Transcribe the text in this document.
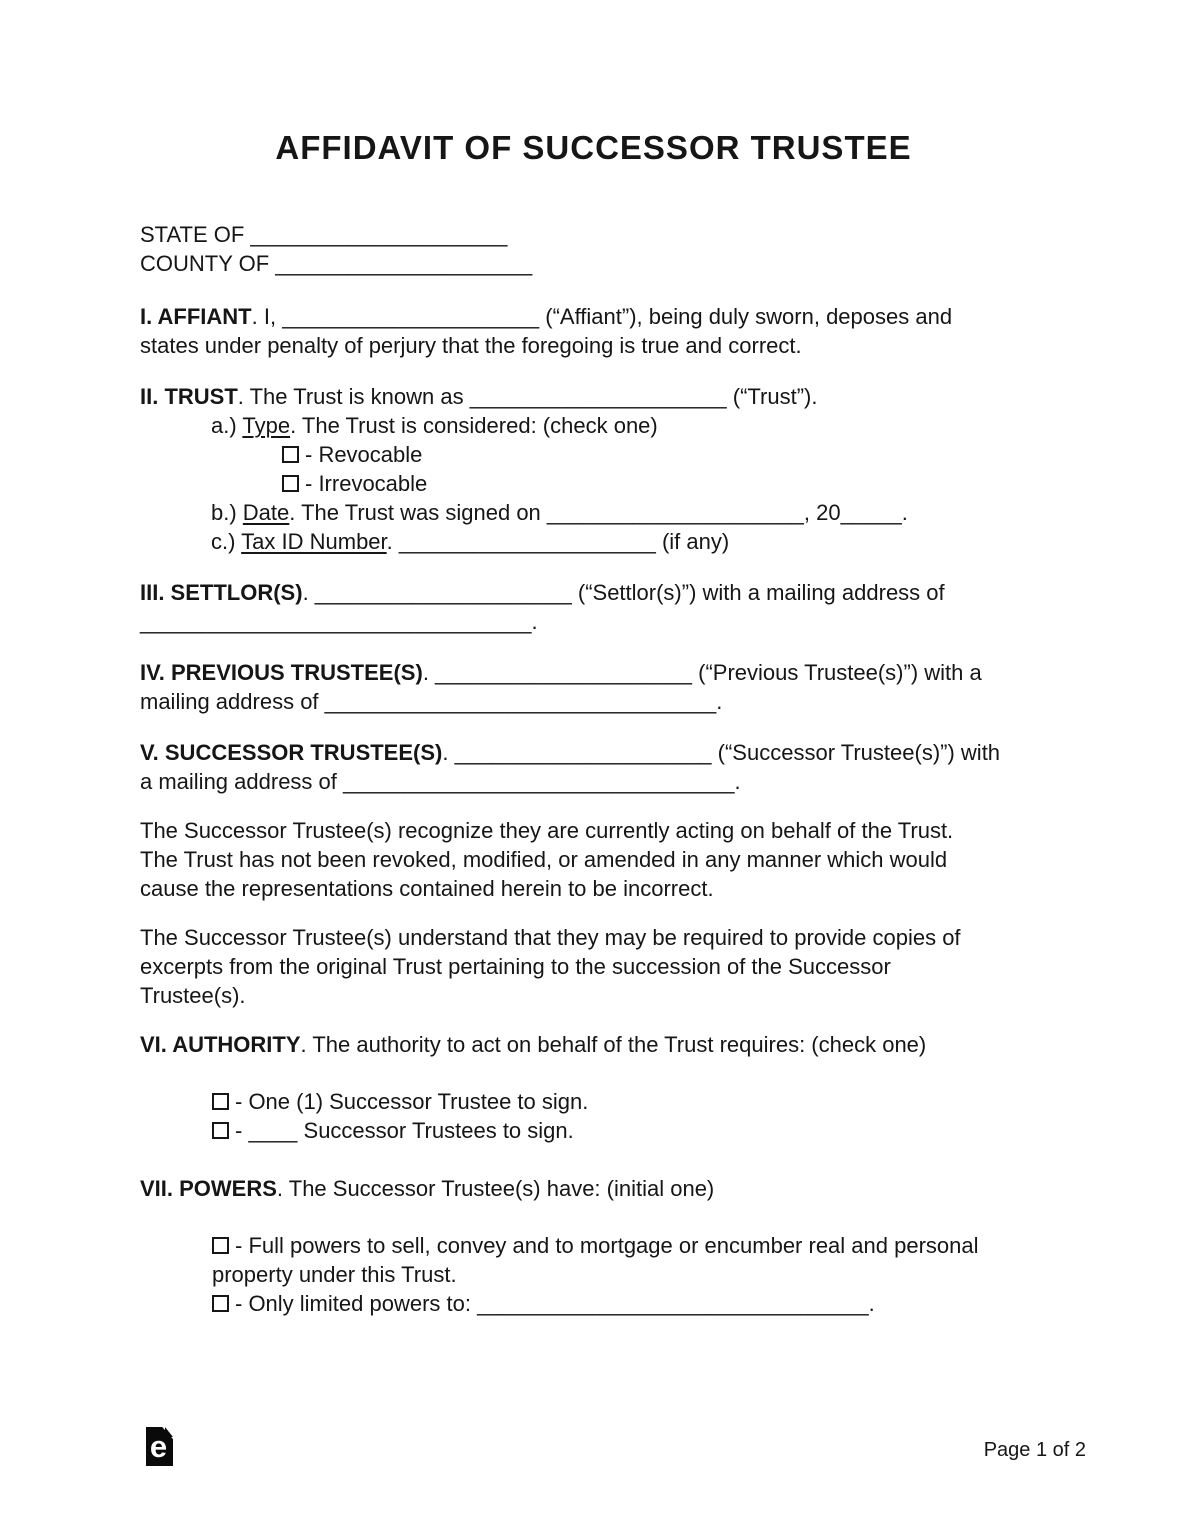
AFFIDAVIT OF SUCCESSOR TRUSTEE
STATE OF _____________________
COUNTY OF _____________________
I. AFFIANT. I, _____________________ (“Affiant”), being duly sworn, deposes and
states under penalty of perjury that the foregoing is true and correct.
II. TRUST. The Trust is known as _____________________ (“Trust”).
a.) Type. The Trust is considered: (check one)
- Revocable
- Irrevocable
b.) Date. The Trust was signed on _____________________, 20_____.
c.) Tax ID Number. _____________________ (if any)
III. SETTLOR(S). _____________________ (“Settlor(s)”) with a mailing address of
________________________________.
IV. PREVIOUS TRUSTEE(S). _____________________ (“Previous Trustee(s)”) with a
mailing address of ________________________________.
V. SUCCESSOR TRUSTEE(S). _____________________ (“Successor Trustee(s)”) with
a mailing address of ________________________________.
The Successor Trustee(s) recognize they are currently acting on behalf of the Trust.
The Trust has not been revoked, modified, or amended in any manner which would
cause the representations contained herein to be incorrect.
The Successor Trustee(s) understand that they may be required to provide copies of
excerpts from the original Trust pertaining to the succession of the Successor
Trustee(s).
VI. AUTHORITY. The authority to act on behalf of the Trust requires: (check one)
- One (1) Successor Trustee to sign.
- ____ Successor Trustees to sign.
VII. POWERS. The Successor Trustee(s) have: (initial one)
- Full powers to sell, convey and to mortgage or encumber real and personal
property under this Trust.
- Only limited powers to: ________________________________.
e	Page 1 of 2
